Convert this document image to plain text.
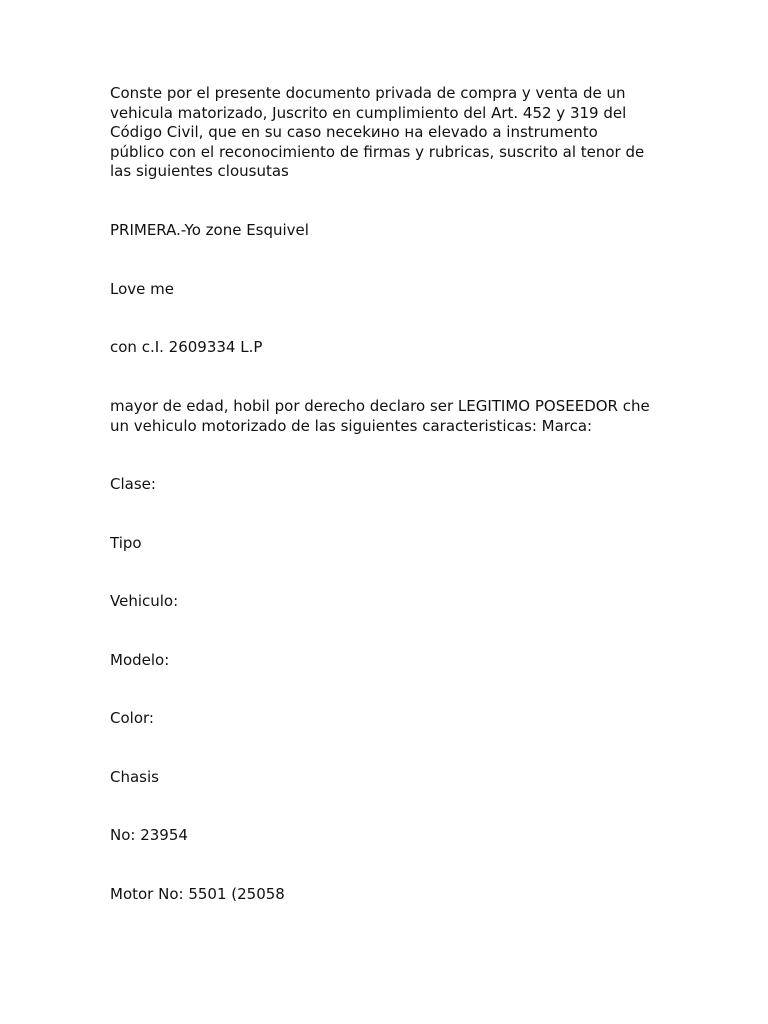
Conste por el presente documento privada de compra y venta de un vehicula matorizado, Juscrito en cumplimiento del Art. 452 y 319 del Código Civil, que en su caso necekино на elevado a instrumento público con el reconocimiento de firmas y rubricas, suscrito al tenor de las siguientes clousutas

PRIMERA.-Yo zone Esquivel

Love me

con c.I. 2609334 L.P

mayor de edad, hobil por derecho declaro ser LEGITIMO POSEEDOR che un vehiculo motorizado de las siguientes caracteristicas: Marca:

Clase:

Tipo

Vehiculo:

Modelo:

Color:

Chasis

No: 23954

Motor No: 5501 (25058
